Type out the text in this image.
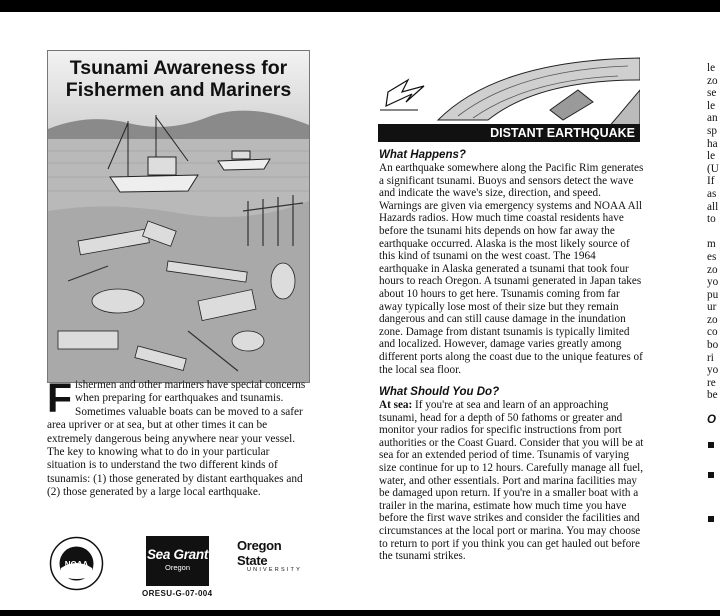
Tsunami Awareness for
Fishermen and Mariners
F ishermen and other mariners have special concerns when preparing for earthquakes and tsunamis. Sometimes valuable boats can be moved to a safer area upriver or at sea, but at other times it can be extremely dangerous being anywhere near your vessel. The key to knowing what to do in your particular situation is to understand the two different kinds of tsunamis: (1) those generated by distant earthquakes and (2) those generated by a large local earthquake.
NOAA
Sea Grant
Oregon
ORESU-G-07-004
Oregon State
UNIVERSITY
DISTANT EARTHQUAKE
What Happens?

An earthquake somewhere along the Pacific Rim generates a significant tsunami. Buoys and sensors detect the wave and indicate the wave's size, direction, and speed. Warnings are given via emergency systems and NOAA All Hazards radios. How much time coastal residents have before the tsunami hits depends on how far away the earthquake occurred. Alaska is the most likely source of this kind of tsunami on the west coast. The 1964 earthquake in Alaska generated a tsunami that took four hours to reach Oregon. A tsunami generated in Japan takes about 10 hours to get here. Tsunamis coming from far away typically lose most of their size but they remain dangerous and can still cause damage in the inundation zone. Damage from distant tsunamis is typically limited and localized. However, damage varies greatly among different ports along the coast due to the unique features of the local sea floor.

What Should You Do?

At sea: If you're at sea and learn of an approaching tsunami, head for a depth of 50 fathoms or greater and monitor your radios for specific instructions from port authorities or the Coast Guard. Consider that you will be at sea for an extended period of time. Tsunamis of varying size continue for up to 12 hours. Carefully manage all fuel, water, and other essentials. Port and marina facilities may be damaged upon return. If you're in a smaller boat with a trailer in the marina, estimate how much time you have before the first wave strikes and consider the facilities and circumstances at the local port or marina. You may choose to return to port if you think you can get hauled out before the tsunami strikes.

le
zo
se
le
an
sp
ha
le
(U
If
as
all
to
m
es
zo
yo
pu
ur
zo
co
bo
ri
yo
re
be
O
